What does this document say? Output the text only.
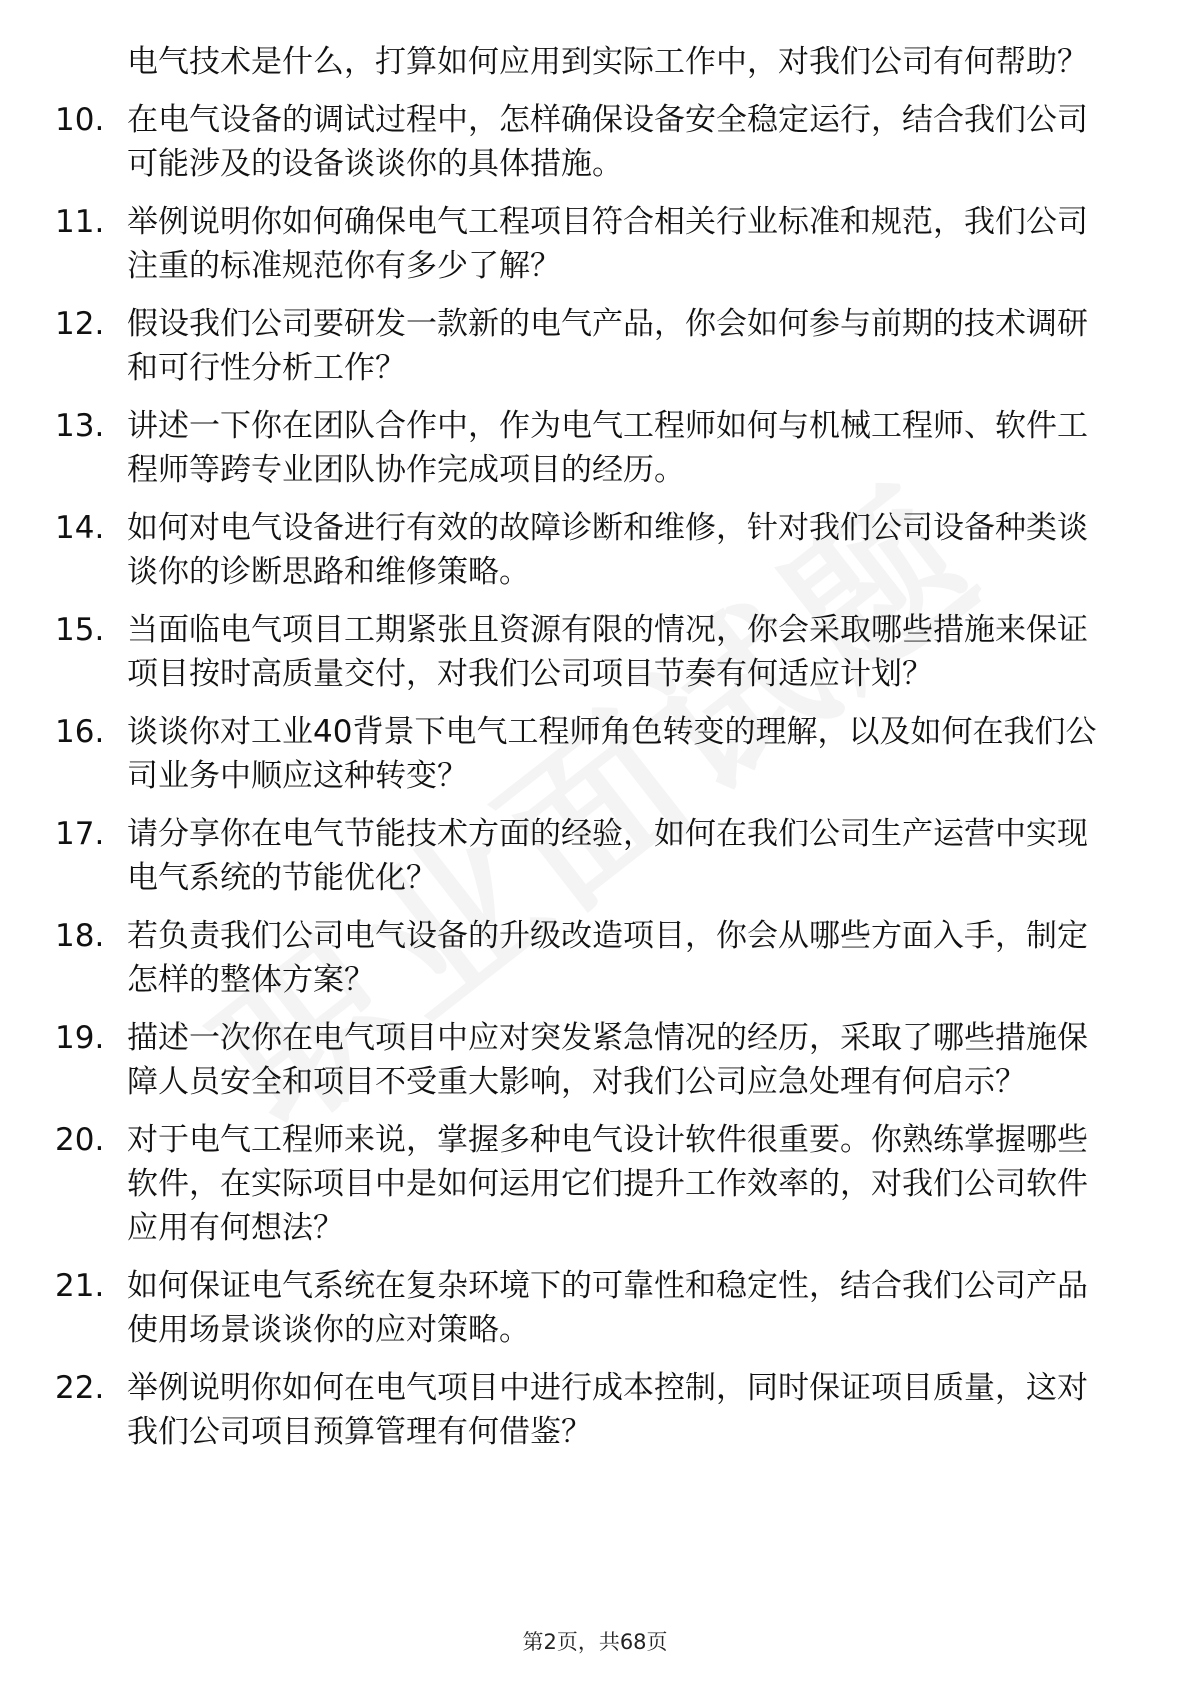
电气技术是什么，打算如何应用到实际工作中，对我们公司有何帮助？
10. 在电气设备的调试过程中，怎样确保设备安全稳定运行，结合我们公司可能涉及的设备谈谈你的具体措施。
11. 举例说明你如何确保电气工程项目符合相关行业标准和规范，我们公司注重的标准规范你有多少了解？
12. 假设我们公司要研发一款新的电气产品，你会如何参与前期的技术调研和可行性分析工作？
13. 讲述一下你在团队合作中，作为电气工程师如何与机械工程师、软件工程师等跨专业团队协作完成项目的经历。
14. 如何对电气设备进行有效的故障诊断和维修，针对我们公司设备种类谈谈你的诊断思路和维修策略。
15. 当面临电气项目工期紧张且资源有限的情况，你会采取哪些措施来保证项目按时高质量交付，对我们公司项目节奏有何适应计划？
16. 谈谈你对工业40背景下电气工程师角色转变的理解，以及如何在我们公司业务中顺应这种转变？
17. 请分享你在电气节能技术方面的经验，如何在我们公司生产运营中实现电气系统的节能优化？
18. 若负责我们公司电气设备的升级改造项目，你会从哪些方面入手，制定怎样的整体方案？
19. 描述一次你在电气项目中应对突发紧急情况的经历，采取了哪些措施保障人员安全和项目不受重大影响，对我们公司应急处理有何启示？
20. 对于电气工程师来说，掌握多种电气设计软件很重要。你熟练掌握哪些软件，在实际项目中是如何运用它们提升工作效率的，对我们公司软件应用有何想法？
21. 如何保证电气系统在复杂环境下的可靠性和稳定性，结合我们公司产品使用场景谈谈你的应对策略。
22. 举例说明你如何在电气项目中进行成本控制，同时保证项目质量，这对我们公司项目预算管理有何借鉴？
第2页，共68页
